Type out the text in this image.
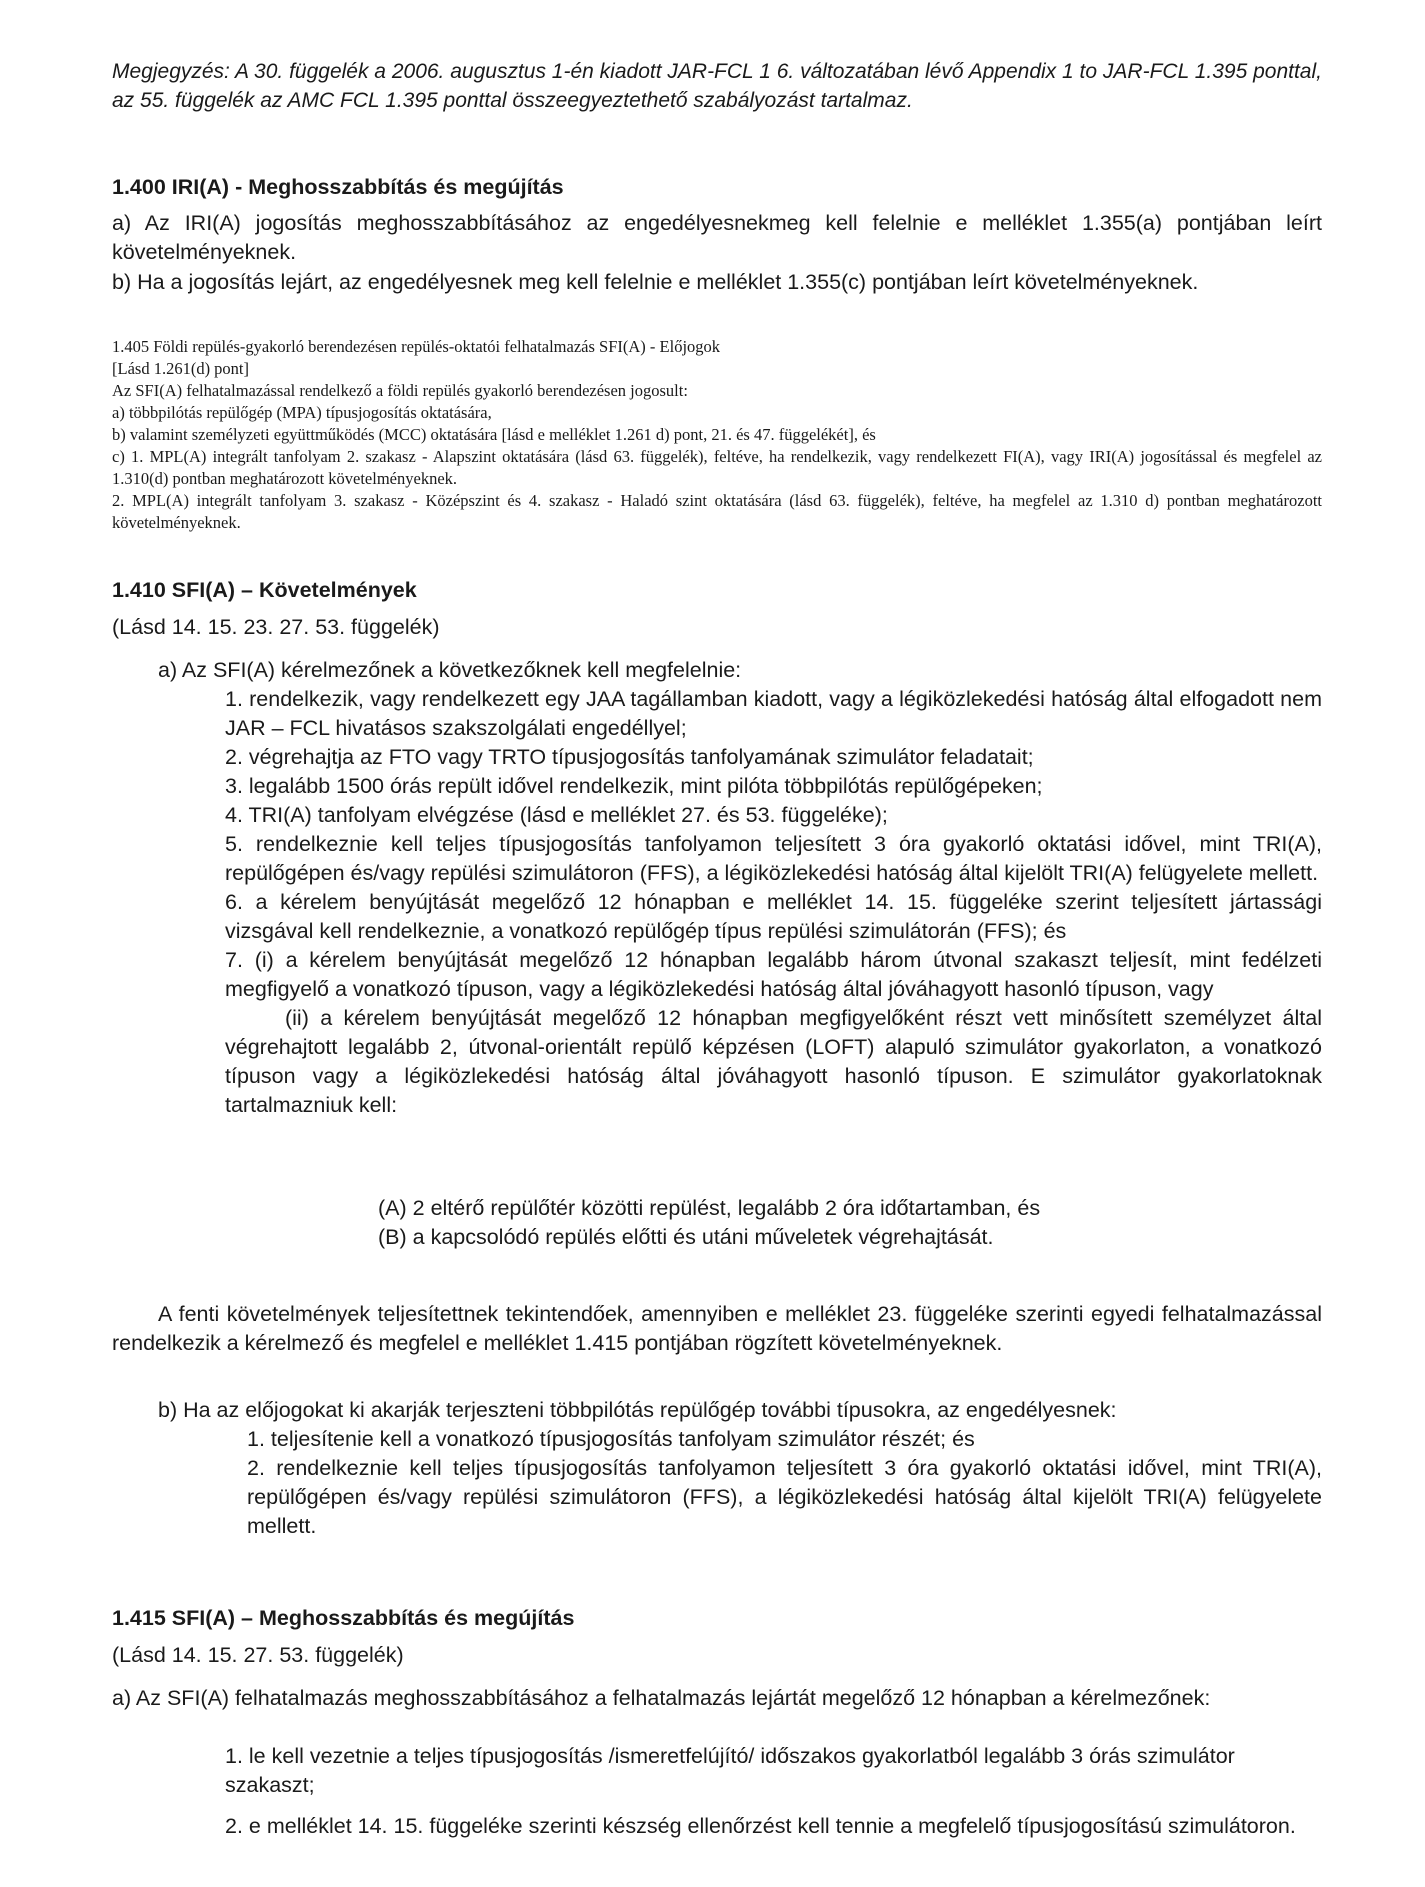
Megjegyzés: A 30. függelék a 2006. augusztus 1-én kiadott JAR-FCL 1 6. változatában lévő Appendix 1 to JAR-FCL 1.395 ponttal, az 55. függelék az AMC FCL 1.395 ponttal összeegyeztethető szabályozást tartalmaz.

1.400 IRI(A) - Meghosszabbítás és megújítás

a) Az IRI(A) jogosítás meghosszabbításához az engedélyesnekmeg kell felelnie e melléklet 1.355(a) pontjában leírt követelményeknek.

b) Ha a jogosítás lejárt, az engedélyesnek meg kell felelnie e melléklet 1.355(c) pontjában leírt követelményeknek.

1.405 Földi repülés-gyakorló berendezésen repülés-oktatói felhatalmazás SFI(A) - Előjogok
[Lásd 1.261(d) pont]
Az SFI(A) felhatalmazással rendelkező a földi repülés gyakorló berendezésen jogosult:
a) többpilótás repülőgép (MPA) típusjogosítás oktatására,
b) valamint személyzeti együttműködés (MCC) oktatására [lásd e melléklet 1.261 d) pont, 21. és 47. függelékét], és
c) 1. MPL(A) integrált tanfolyam 2. szakasz - Alapszint oktatására (lásd 63. függelék), feltéve, ha rendelkezik, vagy rendelkezett FI(A), vagy IRI(A) jogosítással és megfelel az 1.310(d) pontban meghatározott követelményeknek.
2. MPL(A) integrált tanfolyam 3. szakasz - Középszint és 4. szakasz - Haladó szint oktatására (lásd 63. függelék), feltéve, ha megfelel az 1.310 d) pontban meghatározott követelményeknek.
1.410 SFI(A) – Követelmények
(Lásd 14. 15. 23. 27. 53. függelék)
a) Az SFI(A) kérelmezőnek a következőknek kell megfelelnie:
1. rendelkezik, vagy rendelkezett egy JAA tagállamban kiadott, vagy a légiközlekedési hatóság által elfogadott nem JAR – FCL hivatásos szakszolgálati engedéllyel;
2. végrehajtja az FTO vagy TRTO típusjogosítás tanfolyamának szimulátor feladatait;
3. legalább 1500 órás repült idővel rendelkezik, mint pilóta többpilótás repülőgépeken;
4. TRI(A) tanfolyam elvégzése (lásd e melléklet 27. és 53. függeléke);
5. rendelkeznie kell teljes típusjogosítás tanfolyamon teljesített 3 óra gyakorló oktatási idővel, mint TRI(A), repülőgépen és/vagy repülési szimulátoron (FFS), a légiközlekedési hatóság által kijelölt TRI(A) felügyelete mellett.
6. a kérelem benyújtását megelőző 12 hónapban e melléklet 14. 15. függeléke szerint teljesített jártassági vizsgával kell rendelkeznie, a vonatkozó repülőgép típus repülési szimulátorán (FFS); és
7. (i) a kérelem benyújtását megelőző 12 hónapban legalább három útvonal szakaszt teljesít, mint fedélzeti megfigyelő a vonatkozó típuson, vagy a légiközlekedési hatóság által jóváhagyott hasonló típuson, vagy
(ii) a kérelem benyújtását megelőző 12 hónapban megfigyelőként részt vett minősített személyzet által végrehajtott legalább 2, útvonal-orientált repülő képzésen (LOFT) alapuló szimulátor gyakorlaton, a vonatkozó típuson vagy a légiközlekedési hatóság által jóváhagyott hasonló típuson. E szimulátor gyakorlatoknak tartalmazniuk kell:
(A) 2 eltérő repülőtér közötti repülést, legalább 2 óra időtartamban, és
(B) a kapcsolódó repülés előtti és utáni műveletek végrehajtását.

A fenti követelmények teljesítettnek tekintendőek, amennyiben e melléklet 23. függeléke szerinti egyedi felhatalmazással rendelkezik a kérelmező és megfelel e melléklet 1.415 pontjában rögzített követelményeknek.

b) Ha az előjogokat ki akarják terjeszteni többpilótás repülőgép további típusokra, az engedélyesnek:
1. teljesítenie kell a vonatkozó típusjogosítás tanfolyam szimulátor részét; és
2. rendelkeznie kell teljes típusjogosítás tanfolyamon teljesített 3 óra gyakorló oktatási idővel, mint TRI(A), repülőgépen és/vagy repülési szimulátoron (FFS), a légiközlekedési hatóság által kijelölt TRI(A) felügyelete mellett.
1.415 SFI(A) – Meghosszabbítás és megújítás
(Lásd 14. 15. 27. 53. függelék)

a) Az SFI(A) felhatalmazás meghosszabbításához a felhatalmazás lejártát megelőző 12 hónapban a kérelmezőnek:

1. le kell vezetnie a teljes típusjogosítás /ismeretfelújító/ időszakos gyakorlatból legalább 3 órás szimulátor szakaszt;
2. e melléklet 14. 15. függeléke szerinti készség ellenőrzést kell tennie a megfelelő típusjogosítású szimulátoron.
